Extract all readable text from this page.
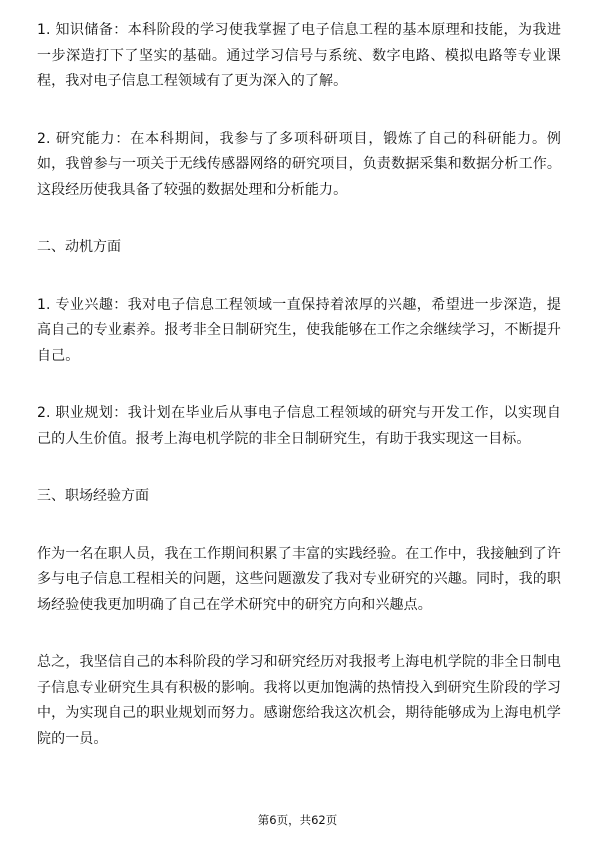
1. 知识储备：本科阶段的学习使我掌握了电子信息工程的基本原理和技能，为我进一步深造打下了坚实的基础。通过学习信号与系统、数字电路、模拟电路等专业课程，我对电子信息工程领域有了更为深入的了解。

2. 研究能力：在本科期间，我参与了多项科研项目，锻炼了自己的科研能力。例如，我曾参与一项关于无线传感器网络的研究项目，负责数据采集和数据分析工作。这段经历使我具备了较强的数据处理和分析能力。

二、动机方面

1. 专业兴趣：我对电子信息工程领域一直保持着浓厚的兴趣，希望进一步深造，提高自己的专业素养。报考非全日制研究生，使我能够在工作之余继续学习，不断提升自己。

2. 职业规划：我计划在毕业后从事电子信息工程领域的研究与开发工作，以实现自己的人生价值。报考上海电机学院的非全日制研究生，有助于我实现这一目标。

三、职场经验方面

作为一名在职人员，我在工作期间积累了丰富的实践经验。在工作中，我接触到了许多与电子信息工程相关的问题，这些问题激发了我对专业研究的兴趣。同时，我的职场经验使我更加明确了自己在学术研究中的研究方向和兴趣点。

总之，我坚信自己的本科阶段的学习和研究经历对我报考上海电机学院的非全日制电子信息专业研究生具有积极的影响。我将以更加饱满的热情投入到研究生阶段的学习中，为实现自己的职业规划而努力。感谢您给我这次机会，期待能够成为上海电机学院的一员。

第6页，共62页
